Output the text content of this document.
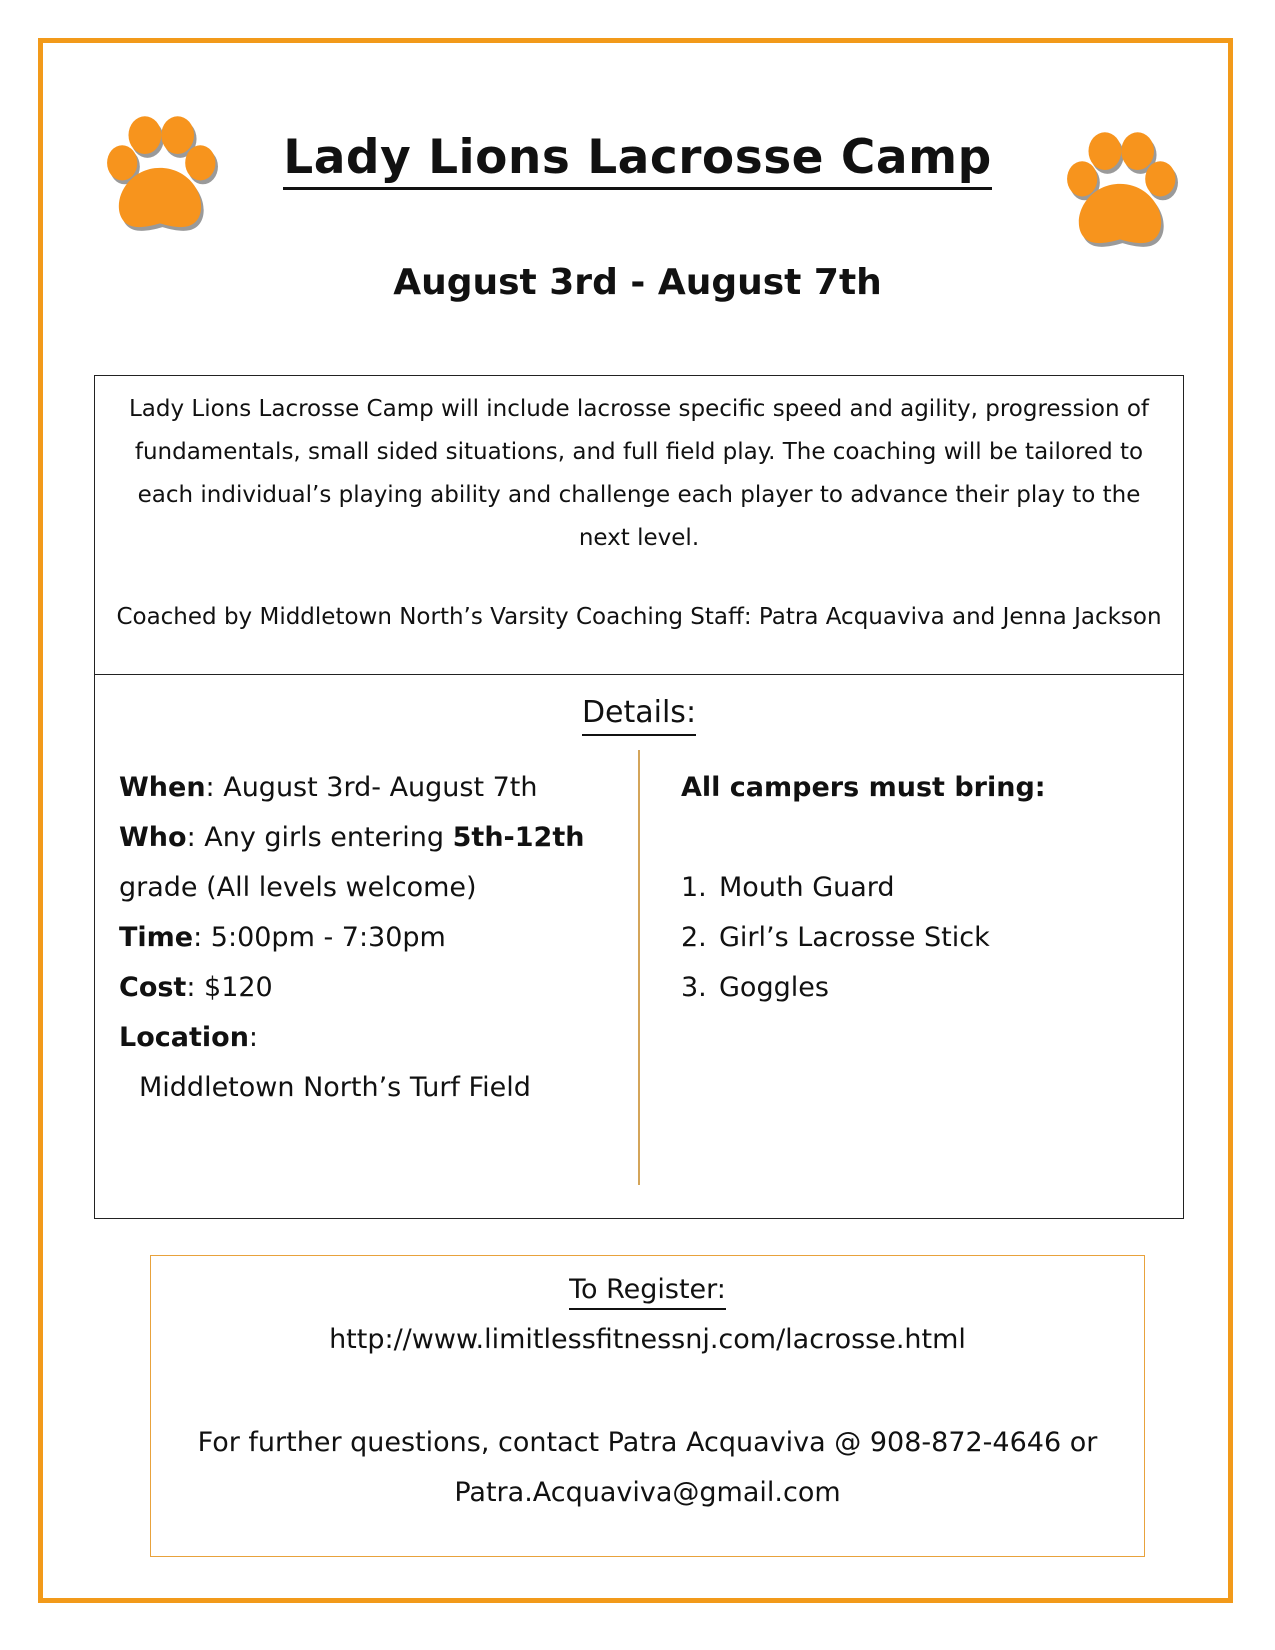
Lady Lions Lacrosse Camp

August 3rd - August 7th

Lady Lions Lacrosse Camp will include lacrosse specific speed and agility, progression of fundamentals, small sided situations, and full field play. The coaching will be tailored to each individual’s playing ability and challenge each player to advance their play to the next level.

Coached by Middletown North’s Varsity Coaching Staff: Patra Acquaviva and Jenna Jackson

Details:

When: August 3rd- August 7th

Who: Any girls entering 5th-12th

grade (All levels welcome)

Time: 5:00pm - 7:30pm

Cost: $120

Location:

Middletown North’s Turf Field

All campers must bring:

1. Mouth Guard
2. Girl’s Lacrosse Stick
3. Goggles
To Register:
http://www.limitlessfitnessnj.com/lacrosse.html
For further questions, contact Patra Acquaviva @ 908-872-4646 or
Patra.Acquaviva@gmail.com
